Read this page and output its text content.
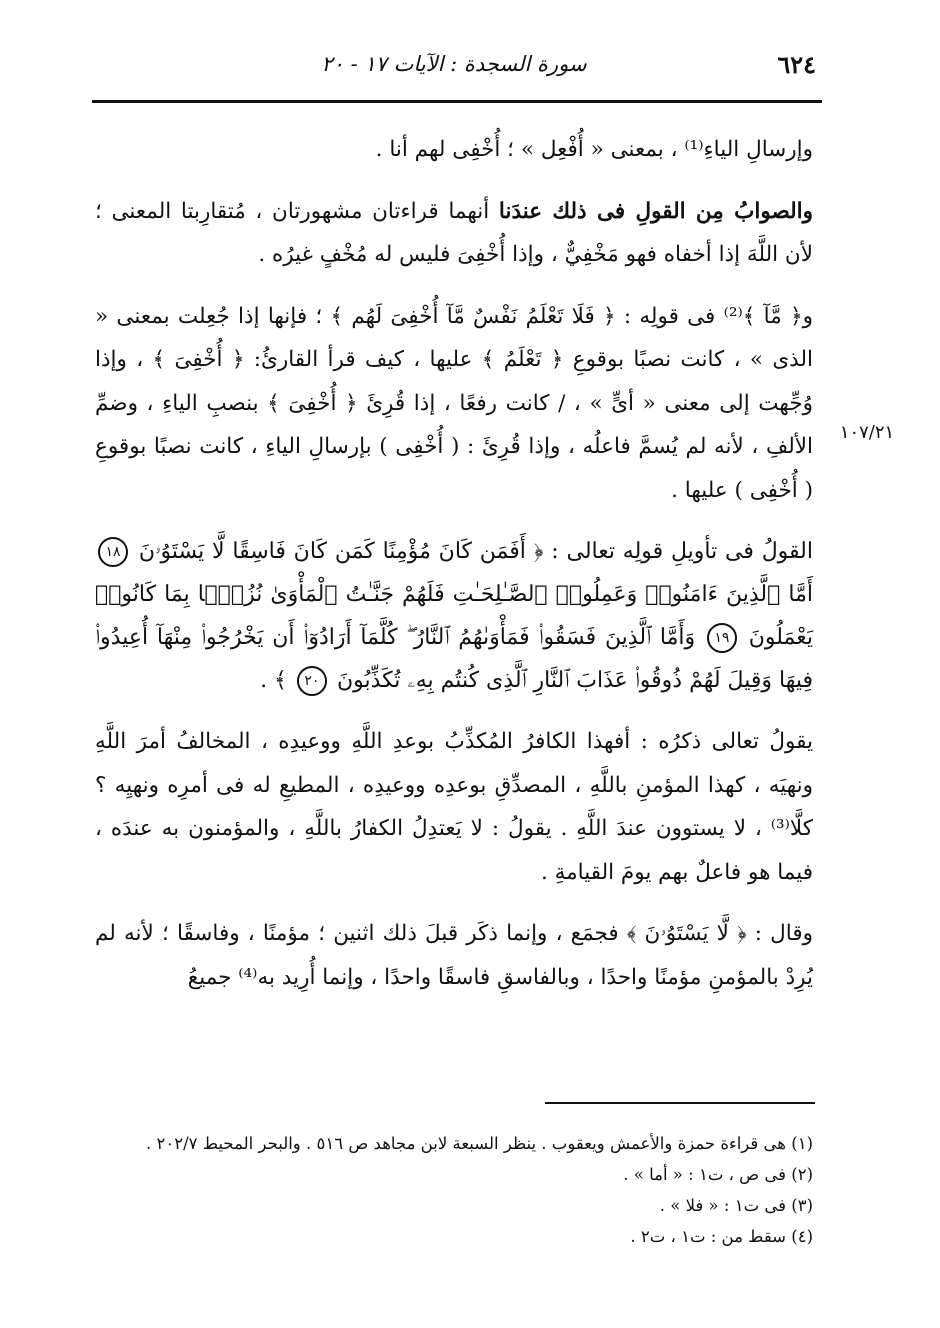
٦٢٤
سورة السجدة : الآيات ١٧ - ٢٠
١٠٧/٢١

وإرسالِ الياءِ⁽¹⁾ ، بمعنى « أُفْعِل » ؛ أُخْفِى لهم أنا .

والصوابُ مِن القولِ فى ذلك عندَنا أنهما قراءتان مشهورتان ، مُتقارِبتا المعنى ؛ لأن اللَّهَ إذا أخفاه فهو مَخْفِيٌّ ، وإذا أُخْفِىَ فليس له مُخْفٍ غيرُه .

و﴿ مَّآ ﴾⁽²⁾ فى قولِه : ﴿ فَلَا تَعْلَمُ نَفْسٌ مَّآ أُخْفِىَ لَهُم ﴾ ؛ فإنها إذا جُعِلت بمعنى « الذى » ، كانت نصبًا بوقوعِ ﴿ تَعْلَمُ ﴾ عليها ، كيف قرأ القارئُ: ﴿ أُخْفِىَ ﴾ ، وإذا وُجِّهت إلى معنى « أىٍّ » ، / كانت رفعًا ، إذا قُرِئَ ﴿ أُخْفِىَ ﴾ بنصبِ الياءِ ، وضمِّ الألفِ ، لأنه لم يُسمَّ فاعلُه ، وإذا قُرِئَ : ( أُخْفِى ) بإرسالِ الياءِ ، كانت نصبًا بوقوعِ ( أُخْفِى ) عليها .

القولُ فى تأويلِ قولِه تعالى : ﴿ أَفَمَن كَانَ مُؤْمِنًا كَمَن كَانَ فَاسِقًا لَّا يَسْتَوُۥنَ ١٨ أَمَّا ٱلَّذِينَ ءَامَنُوا۟ وَعَمِلُوا۟ ٱلصَّـٰلِحَـٰتِ فَلَهُمْ جَنَّـٰتُ ٱلْمَأْوَىٰ نُزُلًۢا بِمَا كَانُوا۟ يَعْمَلُونَ ١٩ وَأَمَّا ٱلَّذِينَ فَسَقُوا۟ فَمَأْوَىٰهُمُ ٱلنَّارُ ۖ كُلَّمَآ أَرَادُوٓا۟ أَن يَخْرُجُوا۟ مِنْهَآ أُعِيدُوا۟ فِيهَا وَقِيلَ لَهُمْ ذُوقُوا۟ عَذَابَ ٱلنَّارِ ٱلَّذِى كُنتُم بِهِۦ تُكَذِّبُونَ ٢٠ ﴾ .

يقولُ تعالى ذكرُه : أفهذا الكافرُ المُكذِّبُ بوعدِ اللَّهِ ووعيدِه ، المخالفُ أمرَ اللَّهِ ونهيَه ، كهذا المؤمنِ باللَّهِ ، المصدِّقِ بوعدِه ووعيدِه ، المطيعِ له فى أمرِه ونهيِه ؟ كلَّا⁽³⁾ ، لا يستوون عندَ اللَّهِ . يقولُ : لا يَعتدِلُ الكفارُ باللَّهِ ، والمؤمنون به عندَه ، فيما هو فاعلٌ بهم يومَ القيامةِ .

وقال : ﴿ لَّا يَسْتَوُۥنَ ﴾ فجمَع ، وإنما ذكَر قبلَ ذلك اثنين ؛ مؤمنًا ، وفاسقًا ؛ لأنه لم يُرِدْ بالمؤمنِ مؤمنًا واحدًا ، وبالفاسقِ فاسقًا واحدًا ، وإنما أُرِيد به⁽⁴⁾ جميعُ

(١) هى قراءة حمزة والأعمش ويعقوب . ينظر السبعة لابن مجاهد ص ٥١٦ . والبحر المحيط ٢٠٢/٧ .
(٢) فى ص ، ت١ : « أما » .
(٣) فى ت١ : « فلا » .
(٤) سقط من : ت١ ، ت٢ .
